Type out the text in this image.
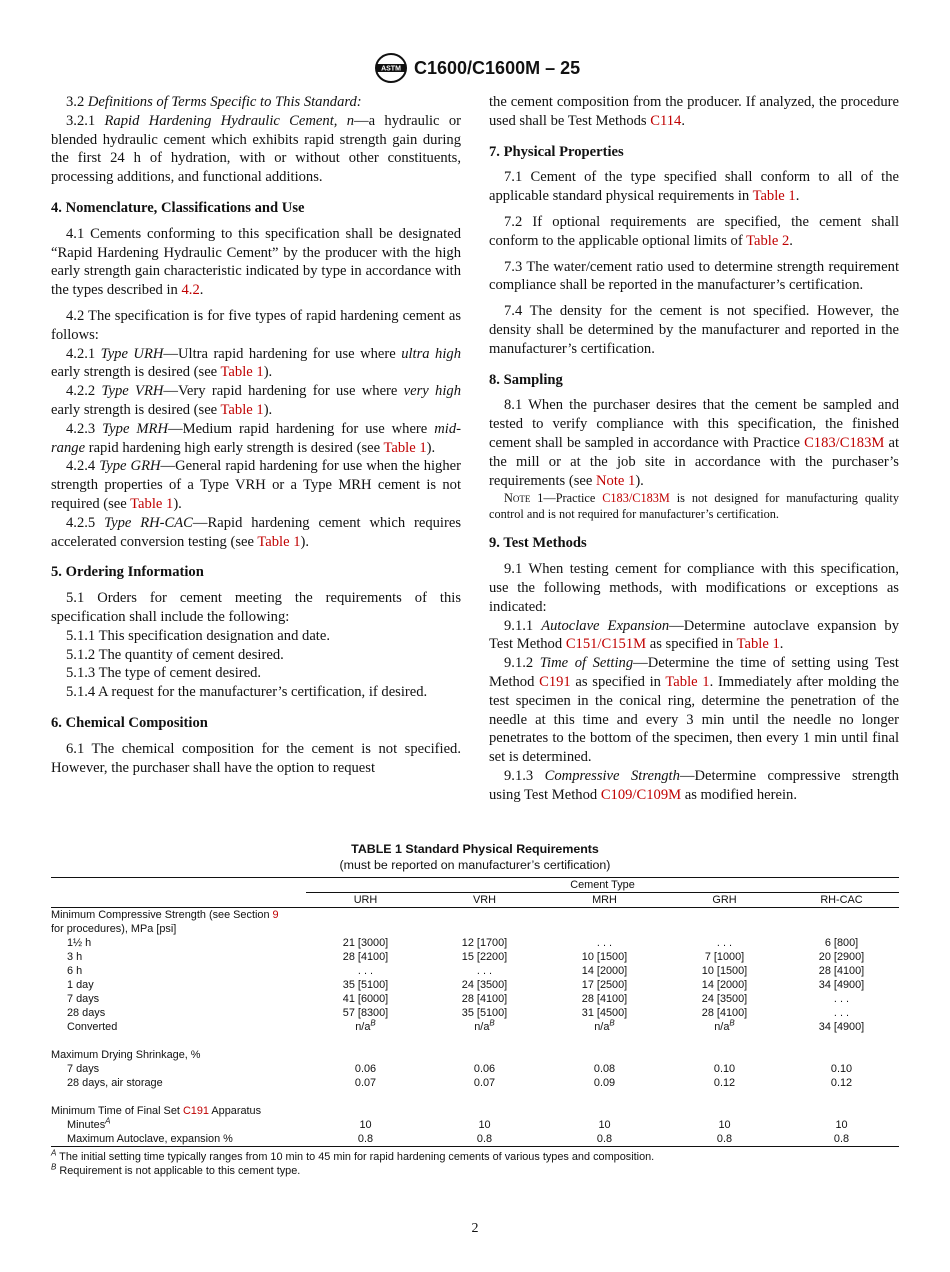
ASTM C1600/C1600M – 25

3.2 Definitions of Terms Specific to This Standard:

3.2.1 Rapid Hardening Hydraulic Cement, n—a hydraulic or blended hydraulic cement which exhibits rapid strength gain during the first 24 h of hydration, with or without other constituents, processing additions, and functional additions.

4. Nomenclature, Classifications and Use

4.1 Cements conforming to this specification shall be designated “Rapid Hardening Hydraulic Cement” by the producer with the high early strength gain characteristic indicated by type in accordance with the types described in 4.2.

4.2 The specification is for five types of rapid hardening cement as follows:

4.2.1 Type URH—Ultra rapid hardening for use where ultra high early strength is desired (see Table 1).

4.2.2 Type VRH—Very rapid hardening for use where very high early strength is desired (see Table 1).

4.2.3 Type MRH—Medium rapid hardening for use where mid-range rapid hardening high early strength is desired (see Table 1).

4.2.4 Type GRH—General rapid hardening for use when the higher strength properties of a Type VRH or a Type MRH cement is not required (see Table 1).

4.2.5 Type RH-CAC—Rapid hardening cement which requires accelerated conversion testing (see Table 1).

5. Ordering Information

5.1 Orders for cement meeting the requirements of this specification shall include the following:

5.1.1 This specification designation and date.

5.1.2 The quantity of cement desired.

5.1.3 The type of cement desired.

5.1.4 A request for the manufacturer’s certification, if desired.

6. Chemical Composition

6.1 The chemical composition for the cement is not specified. However, the purchaser shall have the option to request

the cement composition from the producer. If analyzed, the procedure used shall be Test Methods C114.

7. Physical Properties

7.1 Cement of the type specified shall conform to all of the applicable standard physical requirements in Table 1.

7.2 If optional requirements are specified, the cement shall conform to the applicable optional limits of Table 2.

7.3 The water/cement ratio used to determine strength requirement compliance shall be reported in the manufacturer’s certification.

7.4 The density for the cement is not specified. However, the density shall be determined by the manufacturer and reported in the manufacturer’s certification.

8. Sampling

8.1 When the purchaser desires that the cement be sampled and tested to verify compliance with this specification, the finished cement shall be sampled in accordance with Practice C183/C183M at the mill or at the job site in accordance with the purchaser’s requirements (see Note 1).

Note 1—Practice C183/C183M is not designed for manufacturing quality control and is not required for manufacturer’s certification.

9. Test Methods

9.1 When testing cement for compliance with this specification, use the following methods, with modifications or exceptions as indicated:

9.1.1 Autoclave Expansion—Determine autoclave expansion by Test Method C151/C151M as specified in Table 1.

9.1.2 Time of Setting—Determine the time of setting using Test Method C191 as specified in Table 1. Immediately after molding the test specimen in the conical ring, determine the penetration of the needle at this time and every 3 min until the needle no longer penetrates to the bottom of the specimen, then every 1 min until final set is determined.

9.1.3 Compressive Strength—Determine compressive strength using Test Method C109/C109M as modified herein.

TABLE 1 Standard Physical Requirements
(must be reported on manufacturer’s certification)
	Cement Type				
	URH	VRH	MRH	GRH	RH-CAC
Minimum Compressive Strength (see Section 9					
for procedures), MPa [psi]					
1½ h	21 [3000]	12 [1700]	. . .	. . .	6 [800]
3 h	28 [4100]	15 [2200]	10 [1500]	7 [1000]	20 [2900]
6 h	. . .	. . .	14 [2000]	10 [1500]	28 [4100]
1 day	35 [5100]	24 [3500]	17 [2500]	14 [2000]	34 [4900]
7 days	41 [6000]	28 [4100]	28 [4100]	24 [3500]	. . .
28 days	57 [8300]	35 [5100]	31 [4500]	28 [4100]	. . .
Converted	$n/a^B$	$n/a^B$	$n/a^B$	$n/a^B$	34 [4900]

Maximum Drying Shrinkage, %					
7 days	0.06	0.06	0.08	0.10	0.10
28 days, air storage	0.07	0.07	0.09	0.12	0.12

Minimum Time of Final Set C191 Apparatus					
Minutes$^A$	10	10	10	10	10
Maximum Autoclave, expansion %	0.8	0.8	0.8	0.8	0.8
$^A$ The initial setting time typically ranges from 10 min to 45 min for rapid hardening cements of various types and composition.
$^B$ Requirement is not applicable to this cement type.
2
